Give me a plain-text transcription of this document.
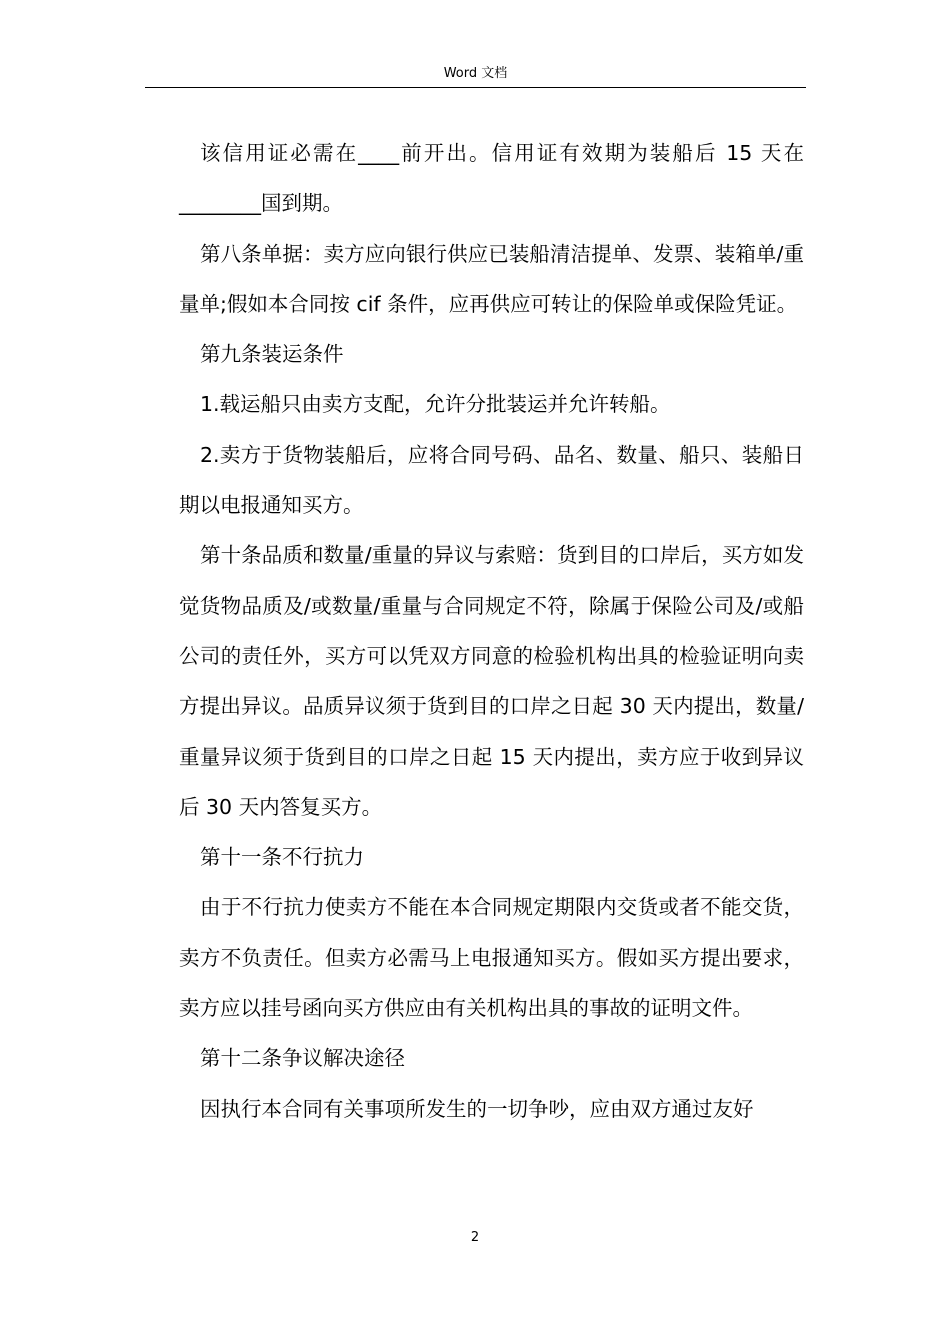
Word 文档

该信用证必需在____前开出。信用证有效期为装船后 15 天在________国到期。

第八条单据：卖方应向银行供应已装船清洁提单、发票、装箱单/重量单;假如本合同按 cif 条件，应再供应可转让的保险单或保险凭证。

第九条装运条件

1.载运船只由卖方支配，允许分批装运并允许转船。

2.卖方于货物装船后，应将合同号码、品名、数量、船只、装船日期以电报通知买方。

第十条品质和数量/重量的异议与索赔：货到目的口岸后，买方如发觉货物品质及/或数量/重量与合同规定不符，除属于保险公司及/或船公司的责任外，买方可以凭双方同意的检验机构出具的检验证明向卖方提出异议。品质异议须于货到目的口岸之日起 30 天内提出，数量/重量异议须于货到目的口岸之日起 15 天内提出，卖方应于收到异议后 30 天内答复买方。

第十一条不行抗力

由于不行抗力使卖方不能在本合同规定期限内交货或者不能交货，卖方不负责任。但卖方必需马上电报通知买方。假如买方提出要求，卖方应以挂号函向买方供应由有关机构出具的事故的证明文件。

第十二条争议解决途径

因执行本合同有关事项所发生的一切争吵，应由双方通过友好

2
